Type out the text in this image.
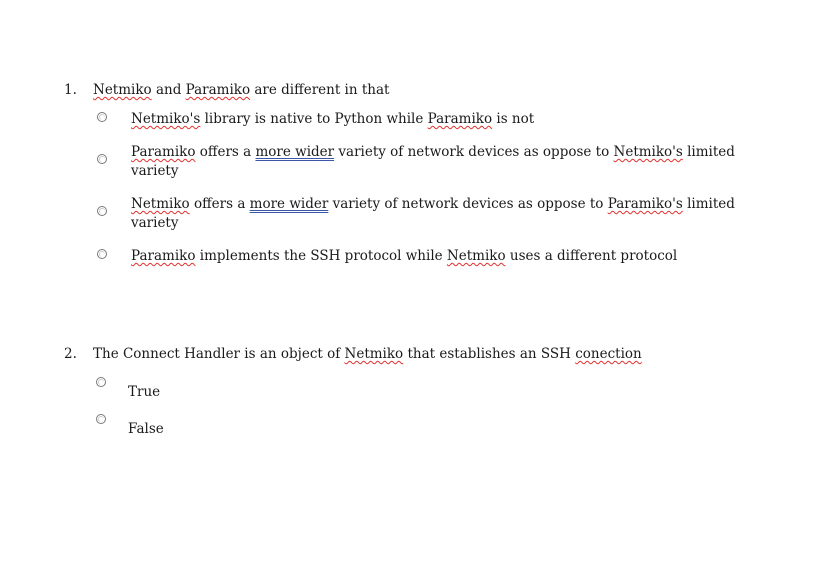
1.	Netmiko and Paramiko are different in that
Netmiko's library is native to Python while Paramiko is not
Paramiko offers a more wider variety of network devices as oppose to Netmiko's limited variety
Netmiko offers a more wider variety of network devices as oppose to Paramiko's limited variety
Paramiko implements the SSH protocol while Netmiko uses a different protocol
2.	The Connect Handler is an object of Netmiko that establishes an SSH conection
True
False
